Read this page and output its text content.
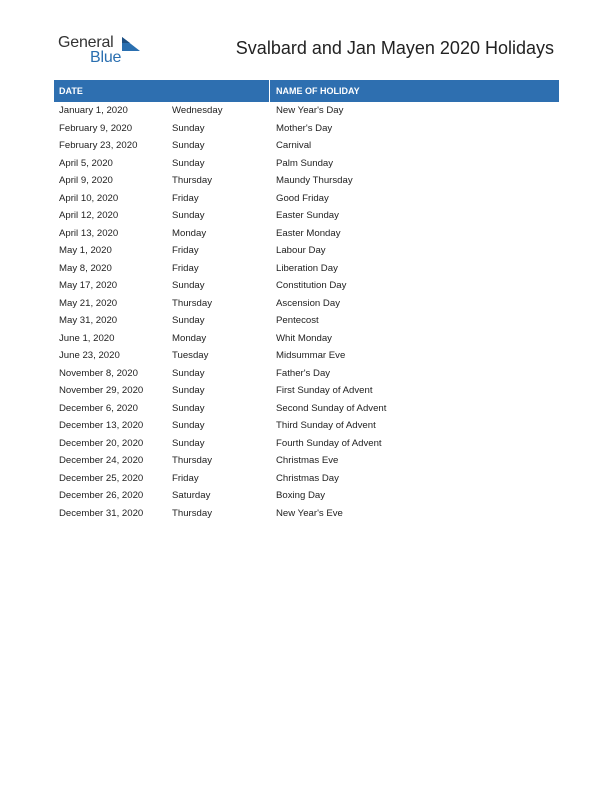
General
Blue	Svalbard and Jan Mayen 2020 Holidays
DATE	NAME OF HOLIDAY
January 1, 2020	Wednesday	New Year's Day
February 9, 2020	Sunday	Mother's Day
February 23, 2020	Sunday	Carnival
April 5, 2020	Sunday	Palm Sunday
April 9, 2020	Thursday	Maundy Thursday
April 10, 2020	Friday	Good Friday
April 12, 2020	Sunday	Easter Sunday
April 13, 2020	Monday	Easter Monday
May 1, 2020	Friday	Labour Day
May 8, 2020	Friday	Liberation Day
May 17, 2020	Sunday	Constitution Day
May 21, 2020	Thursday	Ascension Day
May 31, 2020	Sunday	Pentecost
June 1, 2020	Monday	Whit Monday
June 23, 2020	Tuesday	Midsummar Eve
November 8, 2020	Sunday	Father's Day
November 29, 2020	Sunday	First Sunday of Advent
December 6, 2020	Sunday	Second Sunday of Advent
December 13, 2020	Sunday	Third Sunday of Advent
December 20, 2020	Sunday	Fourth Sunday of Advent
December 24, 2020	Thursday	Christmas Eve
December 25, 2020	Friday	Christmas Day
December 26, 2020	Saturday	Boxing Day
December 31, 2020	Thursday	New Year's Eve
